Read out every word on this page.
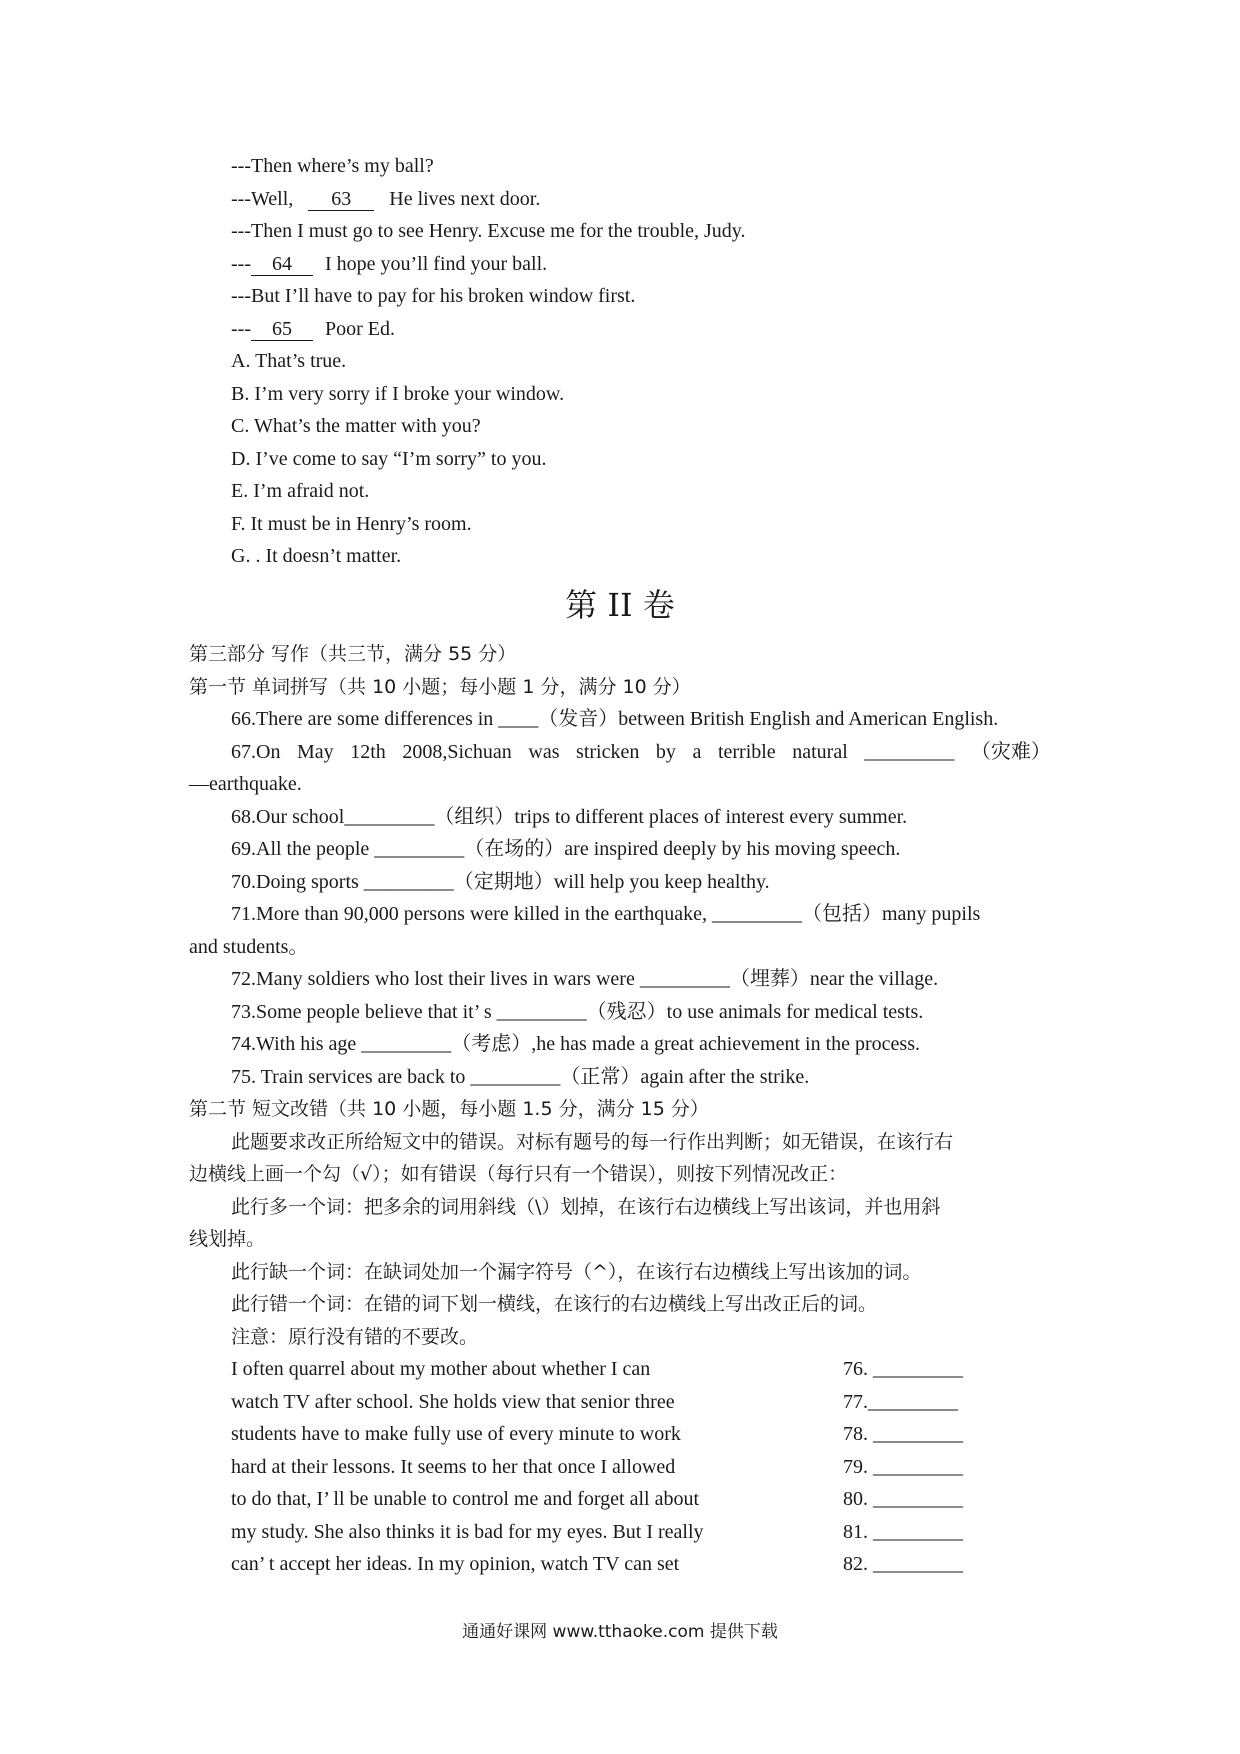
---Then where’s my ball?
---Well, 63 He lives next door.
---Then I must go to see Henry. Excuse me for the trouble, Judy.
--- 64 I hope you’ll find your ball.
---But I’ll have to pay for his broken window first.
--- 65 Poor Ed.
A. That’s true.
B. I’m very sorry if I broke your window.
C. What’s the matter with you?
D. I’ve come to say “I’m sorry” to you.
E. I’m afraid not.
F. It must be in Henry’s room.
G. . It doesn’t matter.
第 II 卷
第三部分 写作（共三节，满分 55 分）
第一节 单词拼写（共 10 小题；每小题 1 分，满分 10 分）
66.There are some differences in ____（发音）between British English and American English.
67.On May 12th 2008,Sichuan was stricken by a terrible natural _________ （灾难）
—earthquake.
68.Our school_________（组织）trips to different places of interest every summer.
69.All the people _________（在场的）are inspired deeply by his moving speech.
70.Doing sports _________（定期地）will help you keep healthy.
71.More than 90,000 persons were killed in the earthquake, _________（包括）many pupils
and students。
72.Many soldiers who lost their lives in wars were _________（埋葬）near the village.
73.Some people believe that it’ s _________（残忍）to use animals for medical tests.
74.With his age _________（考虑）,he has made a great achievement in the process.
75. Train services are back to _________（正常）again after the strike.
第二节 短文改错（共 10 小题，每小题 1.5 分，满分 15 分）
此题要求改正所给短文中的错误。对标有题号的每一行作出判断；如无错误，在该行右
边横线上画一个勾（√）；如有错误（每行只有一个错误），则按下列情况改正：
此行多一个词：把多余的词用斜线（\）划掉，在该行右边横线上写出该词，并也用斜
线划掉。
此行缺一个词：在缺词处加一个漏字符号（^），在该行右边横线上写出该加的词。
此行错一个词：在错的词下划一横线，在该行的右边横线上写出改正后的词。
注意：原行没有错的不要改。
I often quarrel about my mother about whether I can	76. _________
watch TV after school. She holds view that senior three	77._________
students have to make fully use of every minute to work	78. _________
hard at their lessons. It seems to her that once I allowed	79. _________
to do that, I’ ll be unable to control me and forget all about	80. _________
my study. She also thinks it is bad for my eyes. But I really	81. _________
can’ t accept her ideas. In my opinion, watch TV can set	82. _________
通通好课网 www.tthaoke.com 提供下载
